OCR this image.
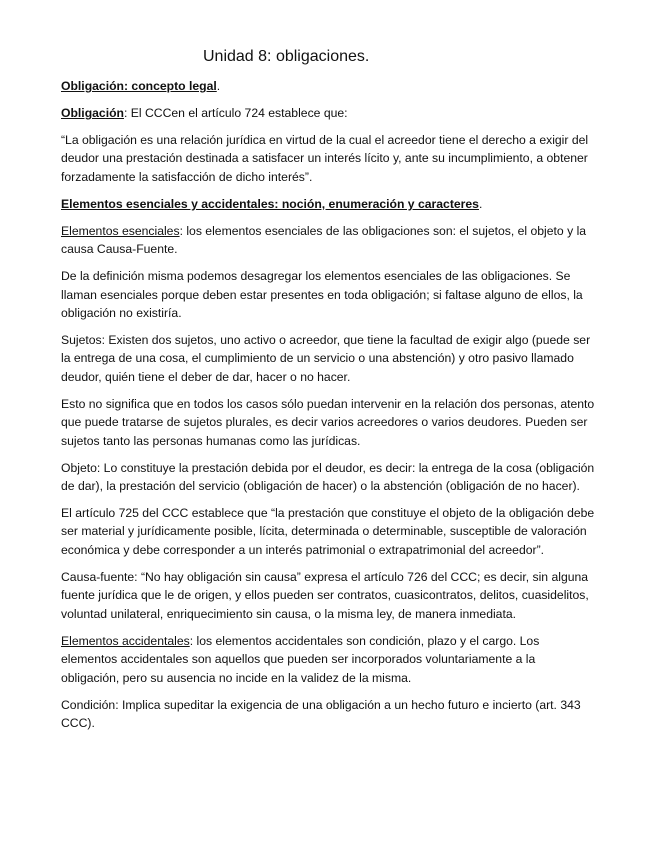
Unidad 8: obligaciones.

Obligación: concepto legal.

Obligación: El CCCen el artículo 724 establece que:

“La obligación es una relación jurídica en virtud de la cual el acreedor tiene el derecho a exigir del deudor una prestación destinada a satisfacer un interés lícito y, ante su incumplimiento, a obtener forzadamente la satisfacción de dicho interés”.

Elementos esenciales y accidentales: noción, enumeración y caracteres.

Elementos esenciales: los elementos esenciales de las obligaciones son: el sujetos, el objeto y la causa Causa-Fuente.

De la definición misma podemos desagregar los elementos esenciales de las obligaciones. Se llaman esenciales porque deben estar presentes en toda obligación; si faltase alguno de ellos, la obligación no existiría.

Sujetos: Existen dos sujetos, uno activo o acreedor, que tiene la facultad de exigir algo (puede ser la entrega de una cosa, el cumplimiento de un servicio o una abstención) y otro pasivo llamado deudor, quién tiene el deber de dar, hacer o no hacer.

Esto no significa que en todos los casos sólo puedan intervenir en la relación dos personas, atento que puede tratarse de sujetos plurales, es decir varios acreedores o varios deudores. Pueden ser sujetos tanto las personas humanas como las jurídicas.

Objeto: Lo constituye la prestación debida por el deudor, es decir: la entrega de la cosa (obligación de dar), la prestación del servicio (obligación de hacer) o la abstención (obligación de no hacer).

El artículo 725 del CCC establece que “la prestación que constituye el objeto de la obligación debe ser material y jurídicamente posible, lícita, determinada o determinable, susceptible de valoración económica y debe corresponder a un interés patrimonial o extrapatrimonial del acreedor”.

Causa-fuente: “No hay obligación sin causa” expresa el artículo 726 del CCC; es decir, sin alguna fuente jurídica que le de origen, y ellos pueden ser contratos, cuasicontratos, delitos, cuasidelitos, voluntad unilateral, enriquecimiento sin causa, o la misma ley, de manera inmediata.

Elementos accidentales: los elementos accidentales son condición, plazo y el cargo. Los elementos accidentales son aquellos que pueden ser incorporados voluntariamente a la obligación, pero su ausencia no incide en la validez de la misma.

Condición: Implica supeditar la exigencia de una obligación a un hecho futuro e incierto (art. 343 CCC).
